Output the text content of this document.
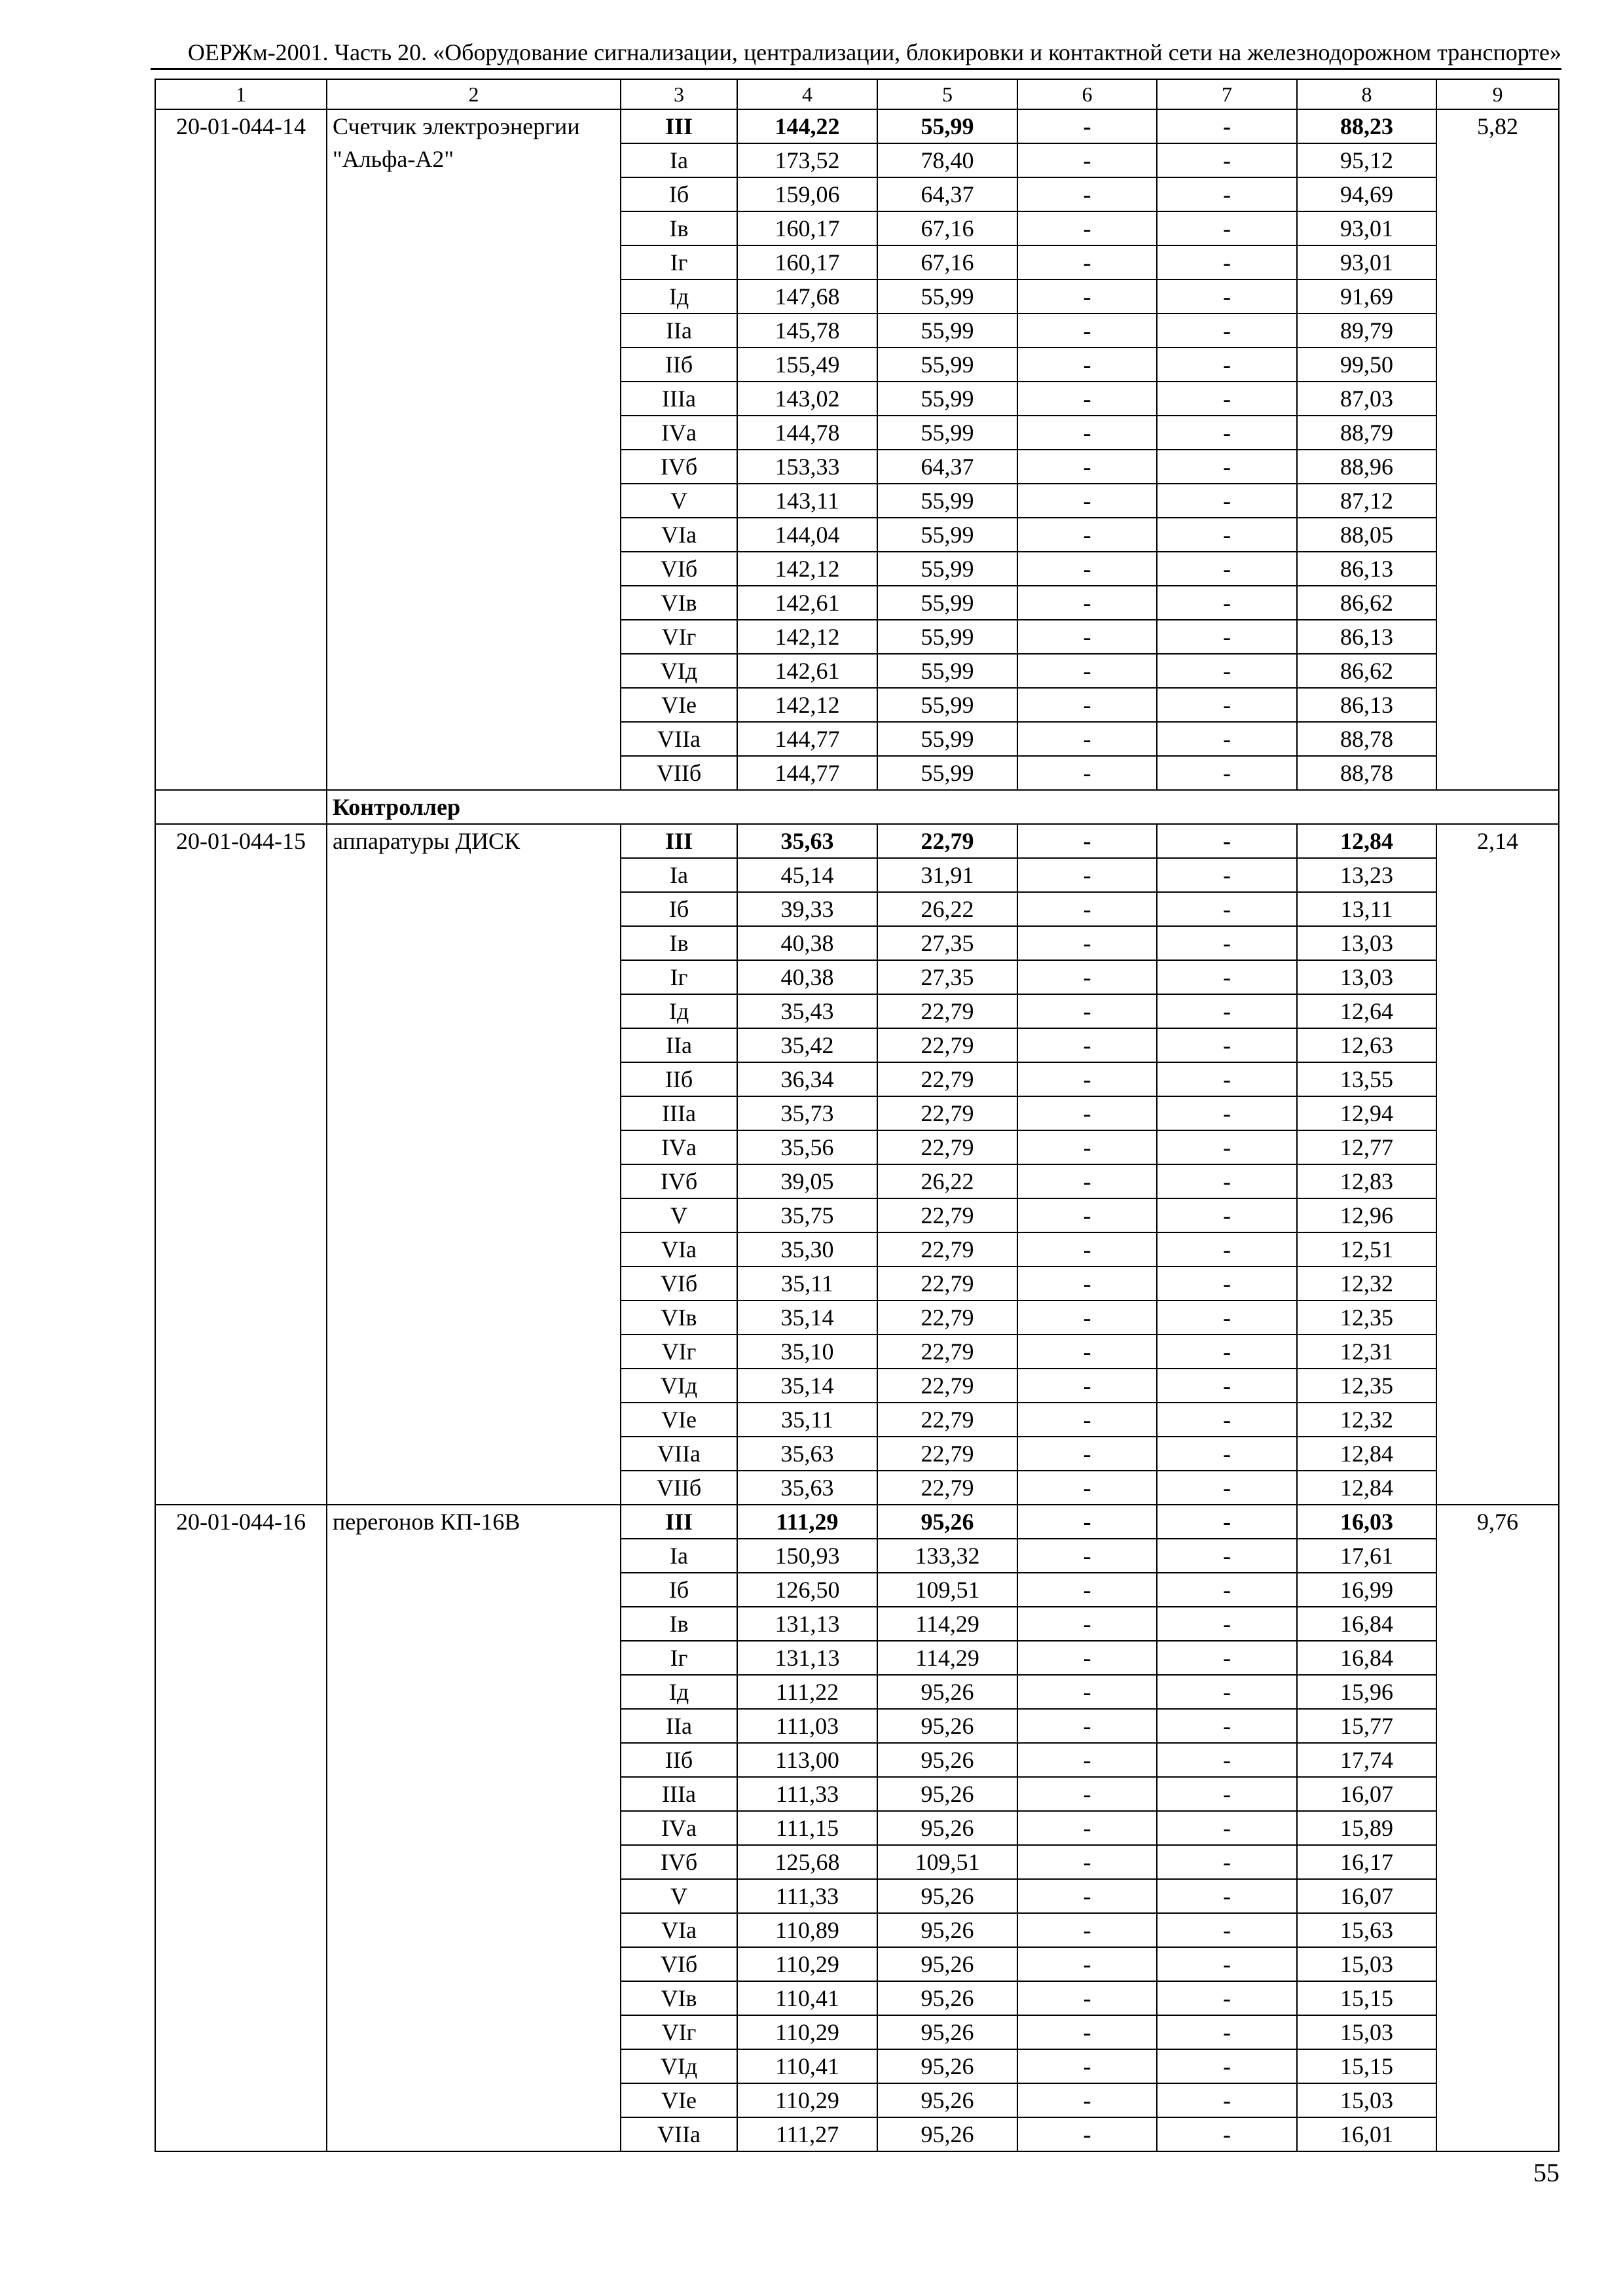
ОЕРЖм-2001. Часть 20. «Оборудование сигнализации, централизации, блокировки и контактной сети на железнодорожном транспорте»
1	2	3	4	5	6	7	8	9
20-01-044-14	Счетчик электроэнергии "Альфа-А2"	III	144,22	55,99	-	-	88,23	5,82
		Iа	173,52	78,40	-	-	95,12	
		Iб	159,06	64,37	-	-	94,69	
		Iв	160,17	67,16	-	-	93,01	
		Iг	160,17	67,16	-	-	93,01	
		Iд	147,68	55,99	-	-	91,69	
		IIа	145,78	55,99	-	-	89,79	
		IIб	155,49	55,99	-	-	99,50	
		IIIа	143,02	55,99	-	-	87,03	
		IVа	144,78	55,99	-	-	88,79	
		IVб	153,33	64,37	-	-	88,96	
		V	143,11	55,99	-	-	87,12	
		VIа	144,04	55,99	-	-	88,05	
		VIб	142,12	55,99	-	-	86,13	
		VIв	142,61	55,99	-	-	86,62	
		VIг	142,12	55,99	-	-	86,13	
		VIд	142,61	55,99	-	-	86,62	
		VIе	142,12	55,99	-	-	86,13	
		VIIа	144,77	55,99	-	-	88,78	
		VIIб	144,77	55,99	-	-	88,78	
	Контроллер							
20-01-044-15	аппаратуры ДИСК	III	35,63	22,79	-	-	12,84	2,14
		Iа	45,14	31,91	-	-	13,23	
		Iб	39,33	26,22	-	-	13,11	
		Iв	40,38	27,35	-	-	13,03	
		Iг	40,38	27,35	-	-	13,03	
		Iд	35,43	22,79	-	-	12,64	
		IIа	35,42	22,79	-	-	12,63	
		IIб	36,34	22,79	-	-	13,55	
		IIIа	35,73	22,79	-	-	12,94	
		IVа	35,56	22,79	-	-	12,77	
		IVб	39,05	26,22	-	-	12,83	
		V	35,75	22,79	-	-	12,96	
		VIа	35,30	22,79	-	-	12,51	
		VIб	35,11	22,79	-	-	12,32	
		VIв	35,14	22,79	-	-	12,35	
		VIг	35,10	22,79	-	-	12,31	
		VIд	35,14	22,79	-	-	12,35	
		VIе	35,11	22,79	-	-	12,32	
		VIIа	35,63	22,79	-	-	12,84	
		VIIб	35,63	22,79	-	-	12,84	
20-01-044-16	перегонов КП-16В	III	111,29	95,26	-	-	16,03	9,76
		Iа	150,93	133,32	-	-	17,61	
		Iб	126,50	109,51	-	-	16,99	
		Iв	131,13	114,29	-	-	16,84	
		Iг	131,13	114,29	-	-	16,84	
		Iд	111,22	95,26	-	-	15,96	
		IIа	111,03	95,26	-	-	15,77	
		IIб	113,00	95,26	-	-	17,74	
		IIIа	111,33	95,26	-	-	16,07	
		IVа	111,15	95,26	-	-	15,89	
		IVб	125,68	109,51	-	-	16,17	
		V	111,33	95,26	-	-	16,07	
		VIа	110,89	95,26	-	-	15,63	
		VIб	110,29	95,26	-	-	15,03	
		VIв	110,41	95,26	-	-	15,15	
		VIг	110,29	95,26	-	-	15,03	
		VIд	110,41	95,26	-	-	15,15	
		VIе	110,29	95,26	-	-	15,03	
		VIIа	111,27	95,26	-	-	16,01	
55
